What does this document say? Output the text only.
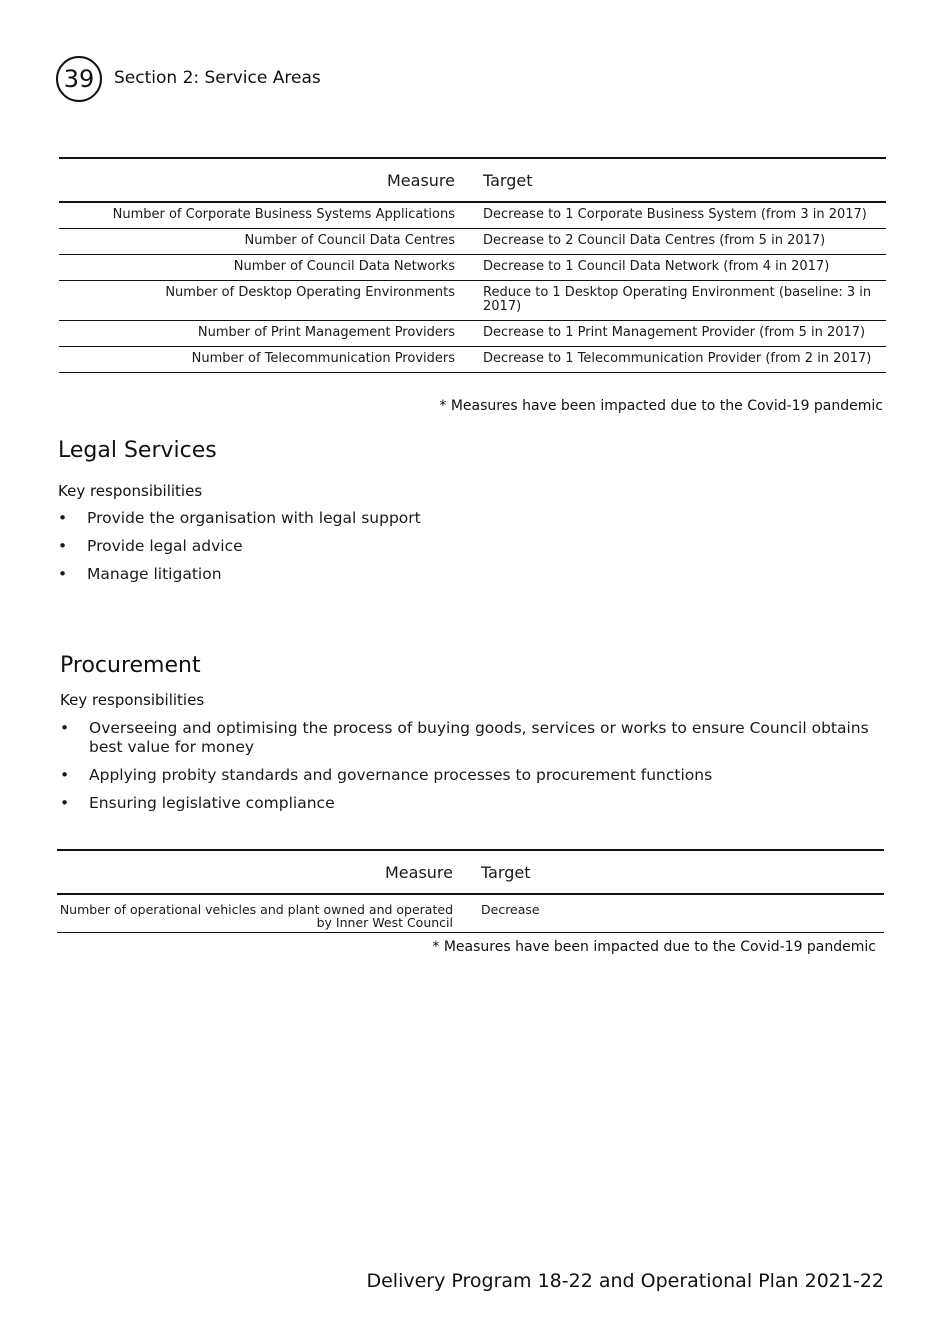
39	Section 2: Service Areas
Measure	Target
Number of Corporate Business Systems Applications	Decrease to 1 Corporate Business System (from 3 in 2017)
Number of Council Data Centres	Decrease to 2 Council Data Centres (from 5 in 2017)
Number of Council Data Networks	Decrease to 1 Council Data Network (from 4 in 2017)
Number of Desktop Operating Environments	Reduce to 1 Desktop Operating Environment (baseline: 3 in 2017)
Number of Print Management Providers	Decrease to 1 Print Management Provider (from 5 in 2017)
Number of Telecommunication Providers	Decrease to 1 Telecommunication Provider (from 2 in 2017)
* Measures have been impacted due to the Covid-19 pandemic
Legal Services
Key responsibilities
• Provide the organisation with legal support
• Provide legal advice
• Manage litigation
Procurement
Key responsibilities
• Overseeing and optimising the process of buying goods, services or works to ensure Council obtains best value for money
• Applying probity standards and governance processes to procurement functions
• Ensuring legislative compliance
Measure	Target
Number of operational vehicles and plant owned and operated by Inner West Council	Decrease
* Measures have been impacted due to the Covid-19 pandemic
Delivery Program 18-22 and Operational Plan 2021-22
